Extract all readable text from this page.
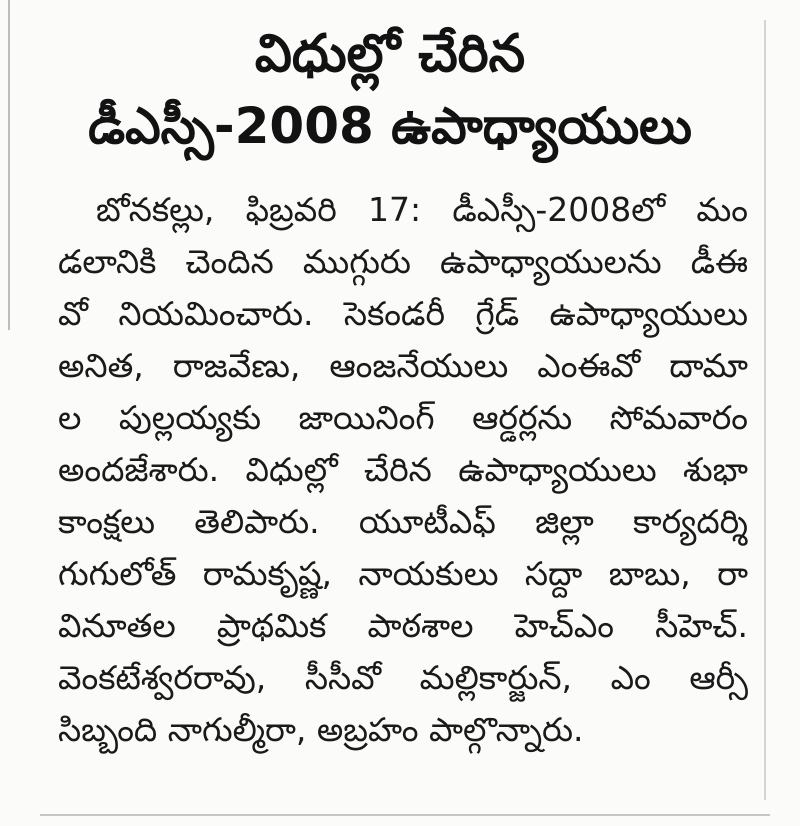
విధుల్లో చేరిన
డీఎస్సీ-2008 ఉపాధ్యాయులు
బోనకల్లు, ఫిబ్రవరి 17: డీఎస్సీ-2008లో మం
డలానికి చెందిన ముగ్గురు ఉపాధ్యాయులను డీఈ
వో నియమించారు. సెకండరీ గ్రేడ్ ఉపాధ్యాయులు
అనిత, రాజవేణు, ఆంజనేయులు ఎంఈవో దామా
ల పుల్లయ్యకు జాయినింగ్ ఆర్డర్లను సోమవారం
అందజేశారు. విధుల్లో చేరిన ఉపాధ్యాయులు శుభా
కాంక్షలు తెలిపారు. యూటీఎఫ్ జిల్లా కార్యదర్శి
గుగులోత్ రామకృష్ణ, నాయకులు సద్దా బాబు, రా
వినూతల ప్రాథమిక పాఠశాల హెచ్ఎం సీహెచ్.
వెంకటేశ్వరరావు, సీసీవో మల్లికార్జున్, ఎం ఆర్సీ
సిబ్బంది నాగుల్మీరా, అబ్రహం పాల్గొన్నారు.
